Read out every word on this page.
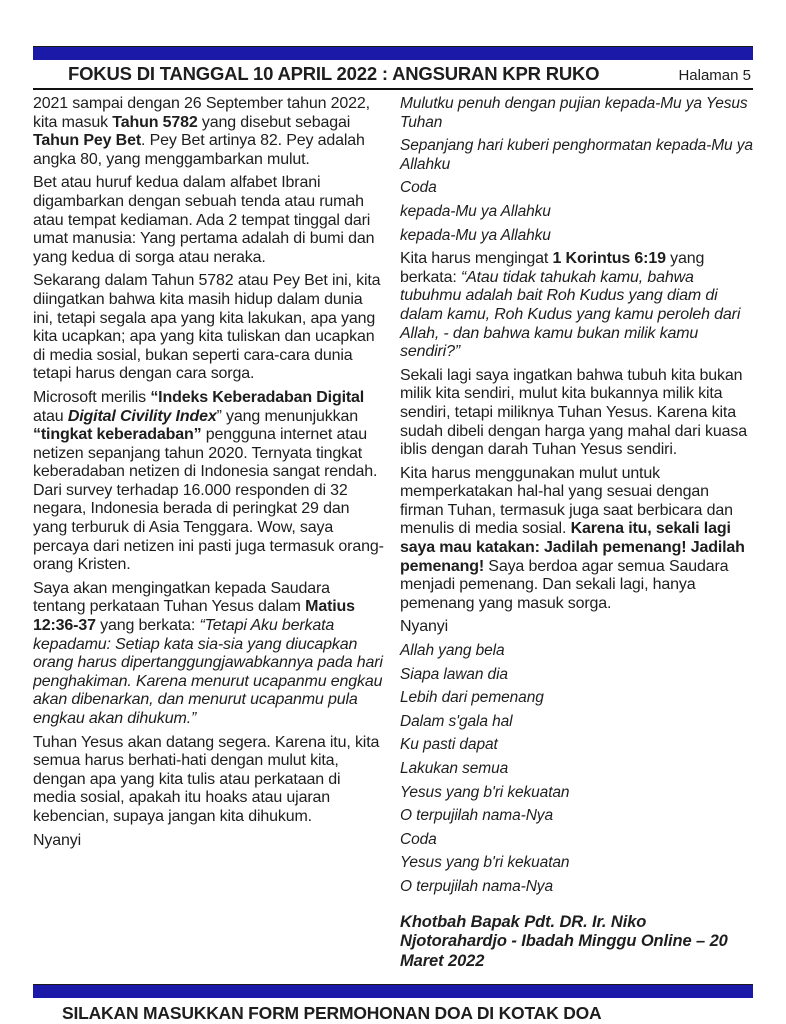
FOKUS DI TANGGAL 10 APRIL 2022 : ANGSURAN KPR RUKO	Halaman 5

2021 sampai dengan 26 September tahun 2022, kita masuk Tahun 5782 yang disebut sebagai Tahun Pey Bet. Pey Bet artinya 82. Pey adalah angka 80, yang menggambarkan mulut.

Bet atau huruf kedua dalam alfabet Ibrani digambarkan dengan sebuah tenda atau rumah atau tempat kediaman. Ada 2 tempat tinggal dari umat manusia: Yang pertama adalah di bumi dan yang kedua di sorga atau neraka.

Sekarang dalam Tahun 5782 atau Pey Bet ini, kita diingatkan bahwa kita masih hidup dalam dunia ini, tetapi segala apa yang kita lakukan, apa yang kita ucapkan; apa yang kita tuliskan dan ucapkan di media sosial, bukan seperti cara-cara dunia tetapi harus dengan cara sorga.

Microsoft merilis “Indeks Keberadaban Digital atau Digital Civility Index” yang menunjukkan “tingkat keberadaban” pengguna internet atau netizen sepanjang tahun 2020. Ternyata tingkat keberadaban netizen di Indonesia sangat rendah. Dari survey terhadap 16.000 responden di 32 negara, Indonesia berada di peringkat 29 dan yang terburuk di Asia Tenggara. Wow, saya percaya dari netizen ini pasti juga termasuk orang-orang Kristen.

Saya akan mengingatkan kepada Saudara tentang perkataan Tuhan Yesus dalam Matius 12:36-37 yang berkata: “Tetapi Aku berkata kepadamu: Setiap kata sia-sia yang diucapkan orang harus dipertanggungjawabkannya pada hari penghakiman. Karena menurut ucapanmu engkau akan dibenarkan, dan menurut ucapanmu pula engkau akan dihukum.”

Tuhan Yesus akan datang segera. Karena itu, kita semua harus berhati-hati dengan mulut kita, dengan apa yang kita tulis atau perkataan di media sosial, apakah itu hoaks atau ujaran kebencian, supaya jangan kita dihukum.

Nyanyi

Mulutku penuh dengan pujian kepada-Mu ya Yesus Tuhan

Sepanjang hari kuberi penghormatan kepada-Mu ya Allahku

Coda

kepada-Mu ya Allahku

kepada-Mu ya Allahku

Kita harus mengingat 1 Korintus 6:19 yang berkata: “Atau tidak tahukah kamu, bahwa tubuhmu adalah bait Roh Kudus yang diam di dalam kamu, Roh Kudus yang kamu peroleh dari Allah, - dan bahwa kamu bukan milik kamu sendiri?”

Sekali lagi saya ingatkan bahwa tubuh kita bukan milik kita sendiri, mulut kita bukannya milik kita sendiri, tetapi miliknya Tuhan Yesus. Karena kita sudah dibeli dengan harga yang mahal dari kuasa iblis dengan darah Tuhan Yesus sendiri.

Kita harus menggunakan mulut untuk memperkatakan hal-hal yang sesuai dengan firman Tuhan, termasuk juga saat berbicara dan menulis di media sosial. Karena itu, sekali lagi saya mau katakan: Jadilah pemenang! Jadilah pemenang! Saya berdoa agar semua Saudara menjadi pemenang. Dan sekali lagi, hanya pemenang yang masuk sorga.

Nyanyi

Allah yang bela

Siapa lawan dia

Lebih dari pemenang

Dalam s'gala hal

Ku pasti dapat

Lakukan semua

Yesus yang b'ri kekuatan

O terpujilah nama-Nya

Coda

Yesus yang b'ri kekuatan

O terpujilah nama-Nya

Khotbah Bapak Pdt. DR. Ir. Niko Njotorahardjo - Ibadah Minggu Online – 20 Maret 2022

SILAKAN MASUKKAN FORM PERMOHONAN DOA DI KOTAK DOA
